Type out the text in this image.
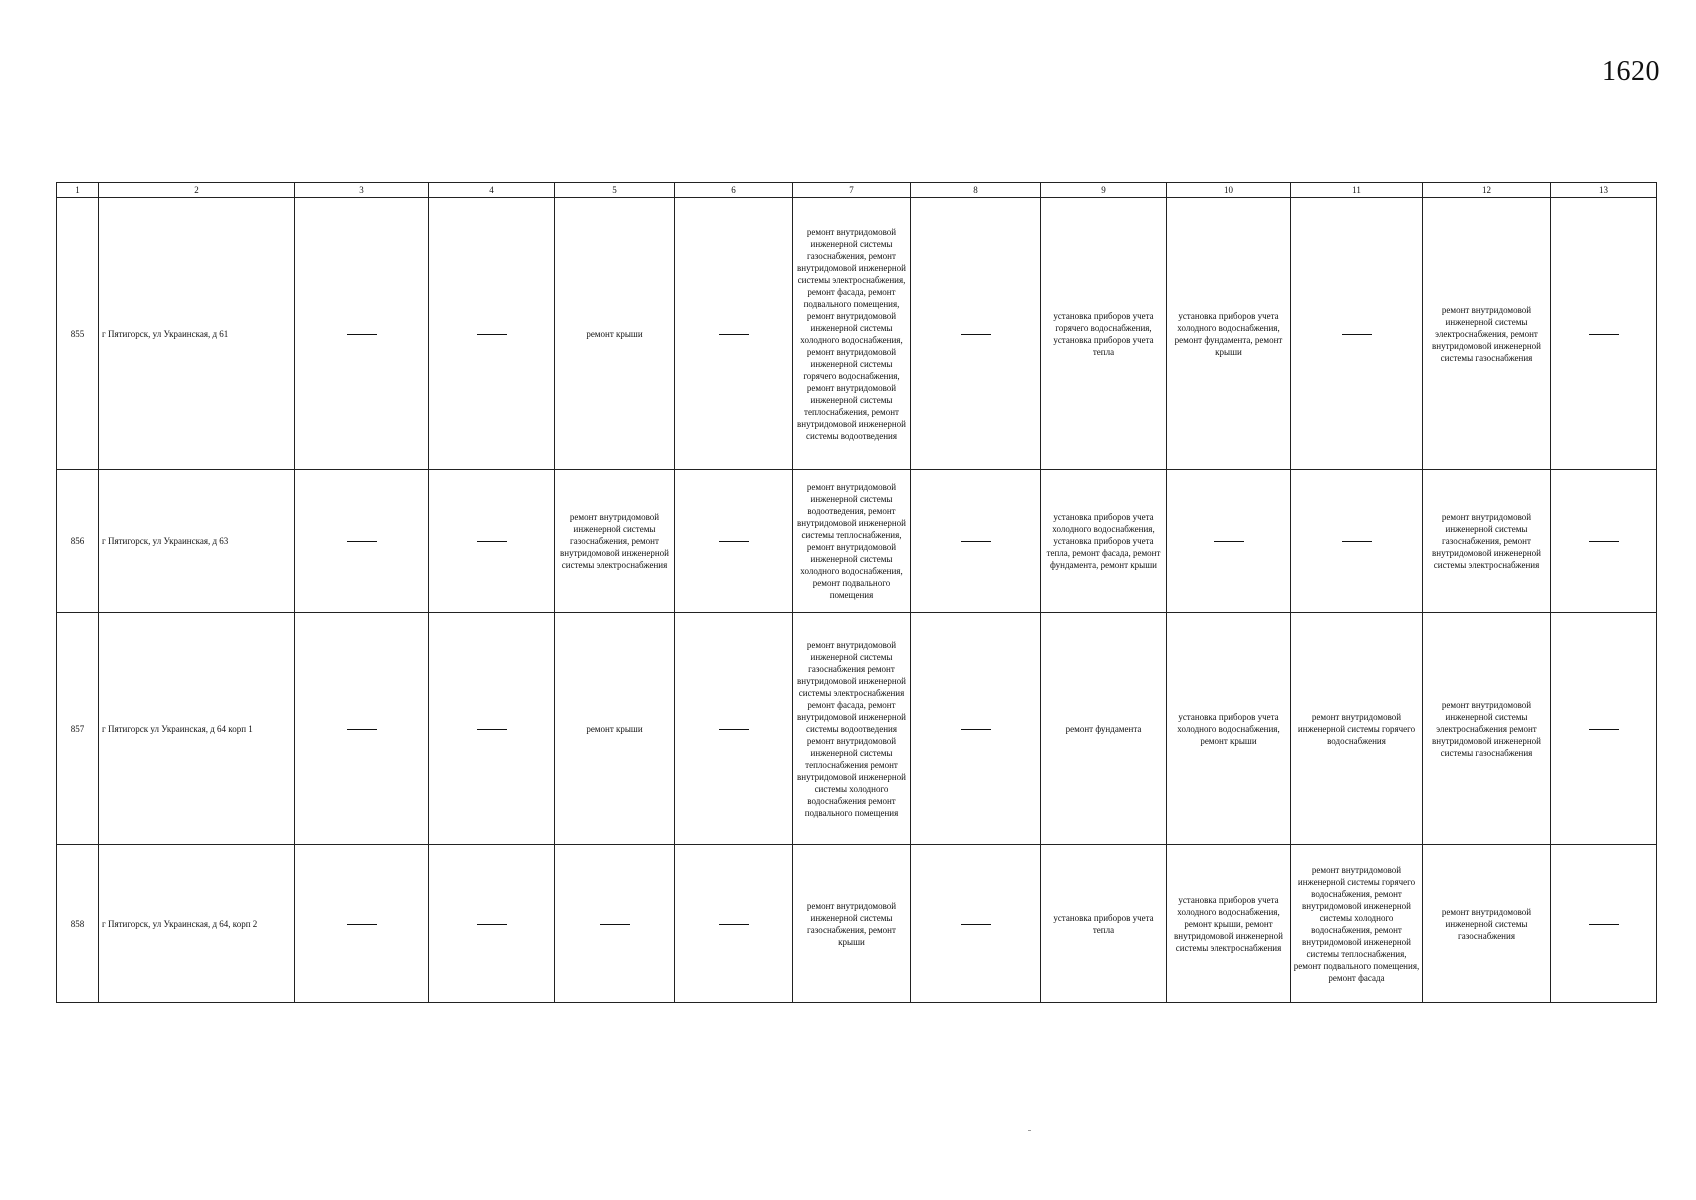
1620
1	2	3	4	5	6	7	8	9	10	11	12	13
855	г Пятигорск, ул Украинская, д 61			ремонт крыши		ремонт внутридомовой инженерной системы газоснабжения, ремонт внутридомовой инженерной системы электроснабжения, ремонт фасада, ремонт подвального помещения, ремонт внутридомовой инженерной системы холодного водоснабжения, ремонт внутридомовой инженерной системы горячего водоснабжения, ремонт внутридомовой инженерной системы теплоснабжения, ремонт внутридомовой инженерной системы водоотведения		установка приборов учета горячего водоснабжения, установка приборов учета тепла	установка приборов учета холодного водоснабжения, ремонт фундамента, ремонт крыши		ремонт внутридомовой инженерной системы электроснабжения, ремонт внутридомовой инженерной системы газоснабжения	
856	г Пятигорск, ул Украинская, д 63			ремонт внутридомовой инженерной системы газоснабжения, ремонт внутридомовой инженерной системы электроснабжения		ремонт внутридомовой инженерной системы водоотведения, ремонт внутридомовой инженерной системы теплоснабжения, ремонт внутридомовой инженерной системы холодного водоснабжения, ремонт подвального помещения		установка приборов учета холодного водоснабжения, установка приборов учета тепла, ремонт фасада, ремонт фундамента, ремонт крыши			ремонт внутридомовой инженерной системы газоснабжения, ремонт внутридомовой инженерной системы электроснабжения	
857	г Пятигорск ул Украинская, д 64 корп 1			ремонт крыши		ремонт внутридомовой инженерной системы газоснабжения ремонт внутридомовой инженерной системы электроснабжения ремонт фасада, ремонт внутридомовой инженерной системы водоотведения ремонт внутридомовой инженерной системы теплоснабжения ремонт внутридомовой инженерной системы холодного водоснабжения ремонт подвального помещения		ремонт фундамента	установка приборов учета холодного водоснабжения, ремонт крыши	ремонт внутридомовой инженерной системы горячего водоснабжения	ремонт внутридомовой инженерной системы электроснабжения ремонт внутридомовой инженерной системы газоснабжения	
858	г Пятигорск, ул Украинская, д 64, корп 2					ремонт внутридомовой инженерной системы газоснабжения, ремонт крыши		установка приборов учета тепла	установка приборов учета холодного водоснабжения, ремонт крыши, ремонт внутридомовой инженерной системы электроснабжения	ремонт внутридомовой инженерной системы горячего водоснабжения, ремонт внутридомовой инженерной системы холодного водоснабжения, ремонт внутридомовой инженерной системы теплоснабжения, ремонт подвального помещения, ремонт фасада	ремонт внутридомовой инженерной системы газоснабжения	
